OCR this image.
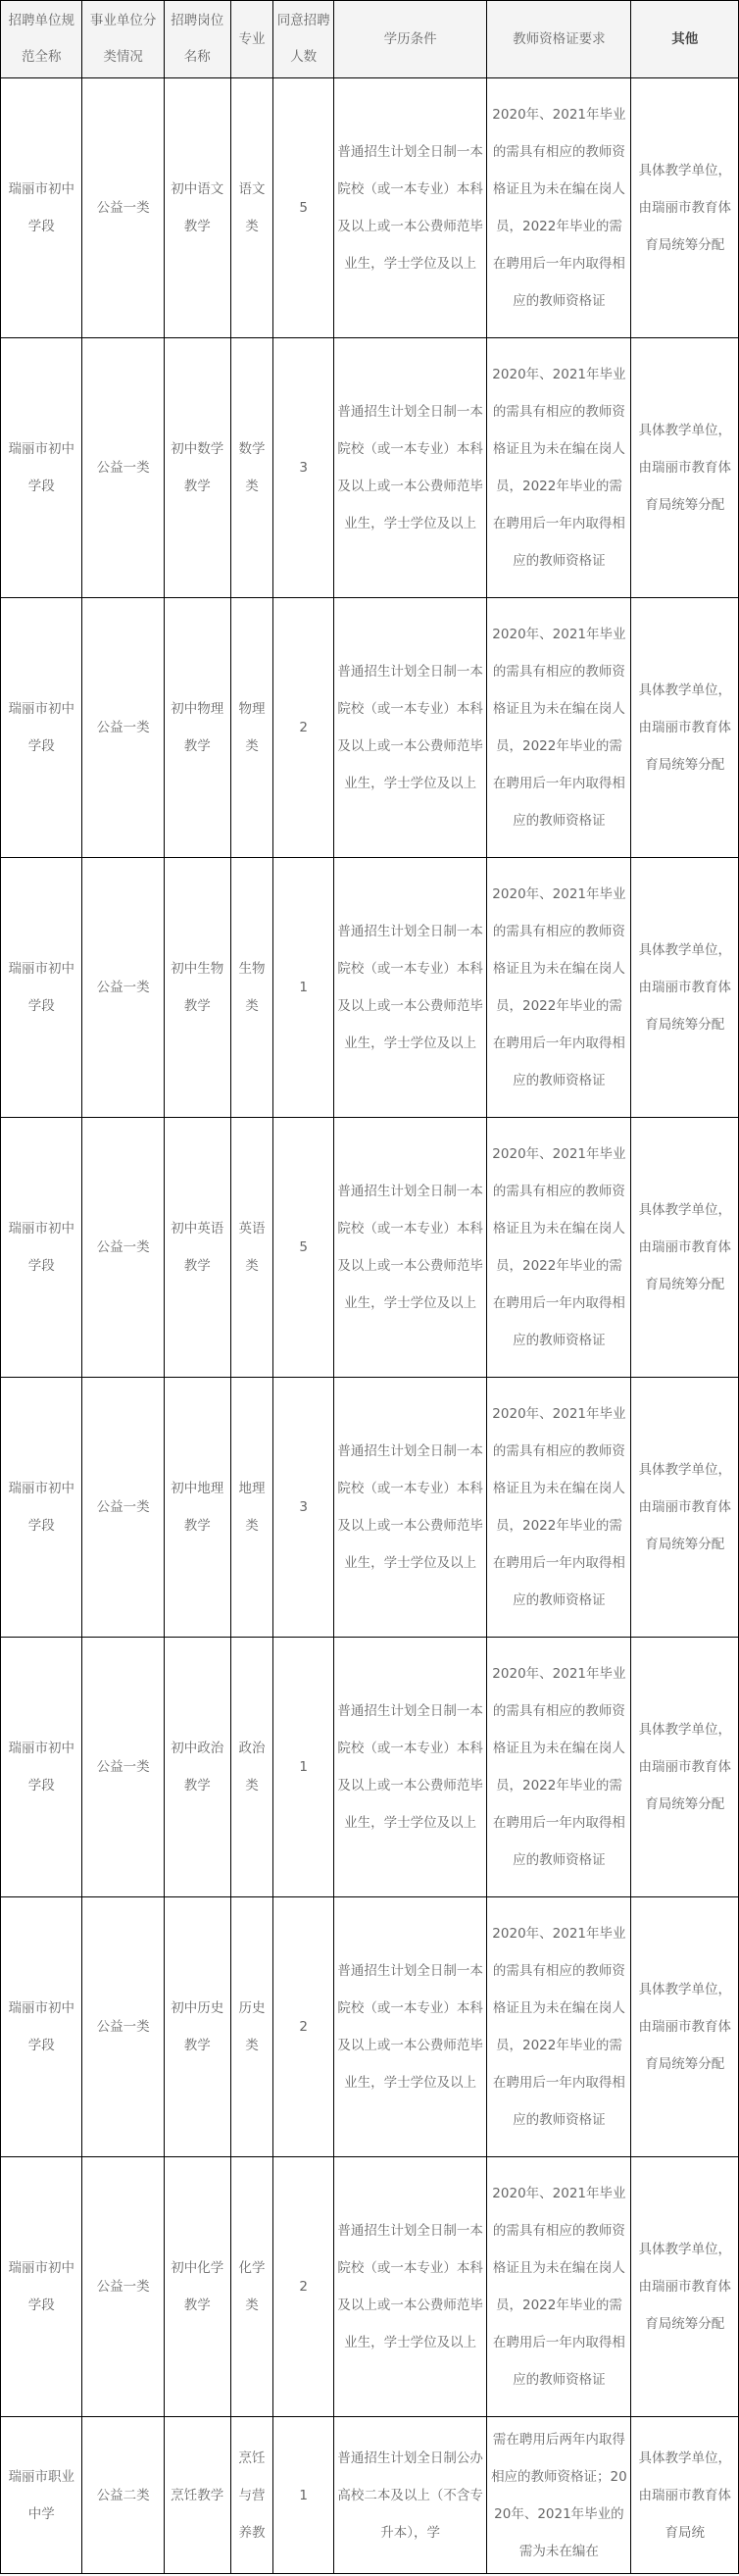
招聘单位规范全称	事业单位分类情况	招聘岗位名称	专业	同意招聘人数	学历条件	教师资格证要求	其他
瑞丽市初中学段	公益一类	初中语文教学	语文类	5	普通招生计划全日制一本院校（或一本专业）本科及以上或一本公费师范毕业生，学士学位及以上	2020年、2021年毕业的需具有相应的教师资格证且为未在编在岗人员，2022年毕业的需在聘用后一年内取得相应的教师资格证	具体教学单位，由瑞丽市教育体育局统筹分配
瑞丽市初中学段	公益一类	初中数学教学	数学类	3	普通招生计划全日制一本院校（或一本专业）本科及以上或一本公费师范毕业生，学士学位及以上	2020年、2021年毕业的需具有相应的教师资格证且为未在编在岗人员，2022年毕业的需在聘用后一年内取得相应的教师资格证	具体教学单位，由瑞丽市教育体育局统筹分配
瑞丽市初中学段	公益一类	初中物理教学	物理类	2	普通招生计划全日制一本院校（或一本专业）本科及以上或一本公费师范毕业生，学士学位及以上	2020年、2021年毕业的需具有相应的教师资格证且为未在编在岗人员，2022年毕业的需在聘用后一年内取得相应的教师资格证	具体教学单位，由瑞丽市教育体育局统筹分配
瑞丽市初中学段	公益一类	初中生物教学	生物类	1	普通招生计划全日制一本院校（或一本专业）本科及以上或一本公费师范毕业生，学士学位及以上	2020年、2021年毕业的需具有相应的教师资格证且为未在编在岗人员，2022年毕业的需在聘用后一年内取得相应的教师资格证	具体教学单位，由瑞丽市教育体育局统筹分配
瑞丽市初中学段	公益一类	初中英语教学	英语类	5	普通招生计划全日制一本院校（或一本专业）本科及以上或一本公费师范毕业生，学士学位及以上	2020年、2021年毕业的需具有相应的教师资格证且为未在编在岗人员，2022年毕业的需在聘用后一年内取得相应的教师资格证	具体教学单位，由瑞丽市教育体育局统筹分配
瑞丽市初中学段	公益一类	初中地理教学	地理类	3	普通招生计划全日制一本院校（或一本专业）本科及以上或一本公费师范毕业生，学士学位及以上	2020年、2021年毕业的需具有相应的教师资格证且为未在编在岗人员，2022年毕业的需在聘用后一年内取得相应的教师资格证	具体教学单位，由瑞丽市教育体育局统筹分配
瑞丽市初中学段	公益一类	初中政治教学	政治类	1	普通招生计划全日制一本院校（或一本专业）本科及以上或一本公费师范毕业生，学士学位及以上	2020年、2021年毕业的需具有相应的教师资格证且为未在编在岗人员，2022年毕业的需在聘用后一年内取得相应的教师资格证	具体教学单位，由瑞丽市教育体育局统筹分配
瑞丽市初中学段	公益一类	初中历史教学	历史类	2	普通招生计划全日制一本院校（或一本专业）本科及以上或一本公费师范毕业生，学士学位及以上	2020年、2021年毕业的需具有相应的教师资格证且为未在编在岗人员，2022年毕业的需在聘用后一年内取得相应的教师资格证	具体教学单位，由瑞丽市教育体育局统筹分配
瑞丽市初中学段	公益一类	初中化学教学	化学类	2	普通招生计划全日制一本院校（或一本专业）本科及以上或一本公费师范毕业生，学士学位及以上	2020年、2021年毕业的需具有相应的教师资格证且为未在编在岗人员，2022年毕业的需在聘用后一年内取得相应的教师资格证	具体教学单位，由瑞丽市教育体育局统筹分配
瑞丽市职业中学	公益二类	烹饪教学	烹饪与营养教	1	普通招生计划全日制公办高校二本及以上（不含专升本），学	需在聘用后两年内取得相应的教师资格证；2020年、2021年毕业的需为未在编在	具体教学单位，由瑞丽市教育体育局统
